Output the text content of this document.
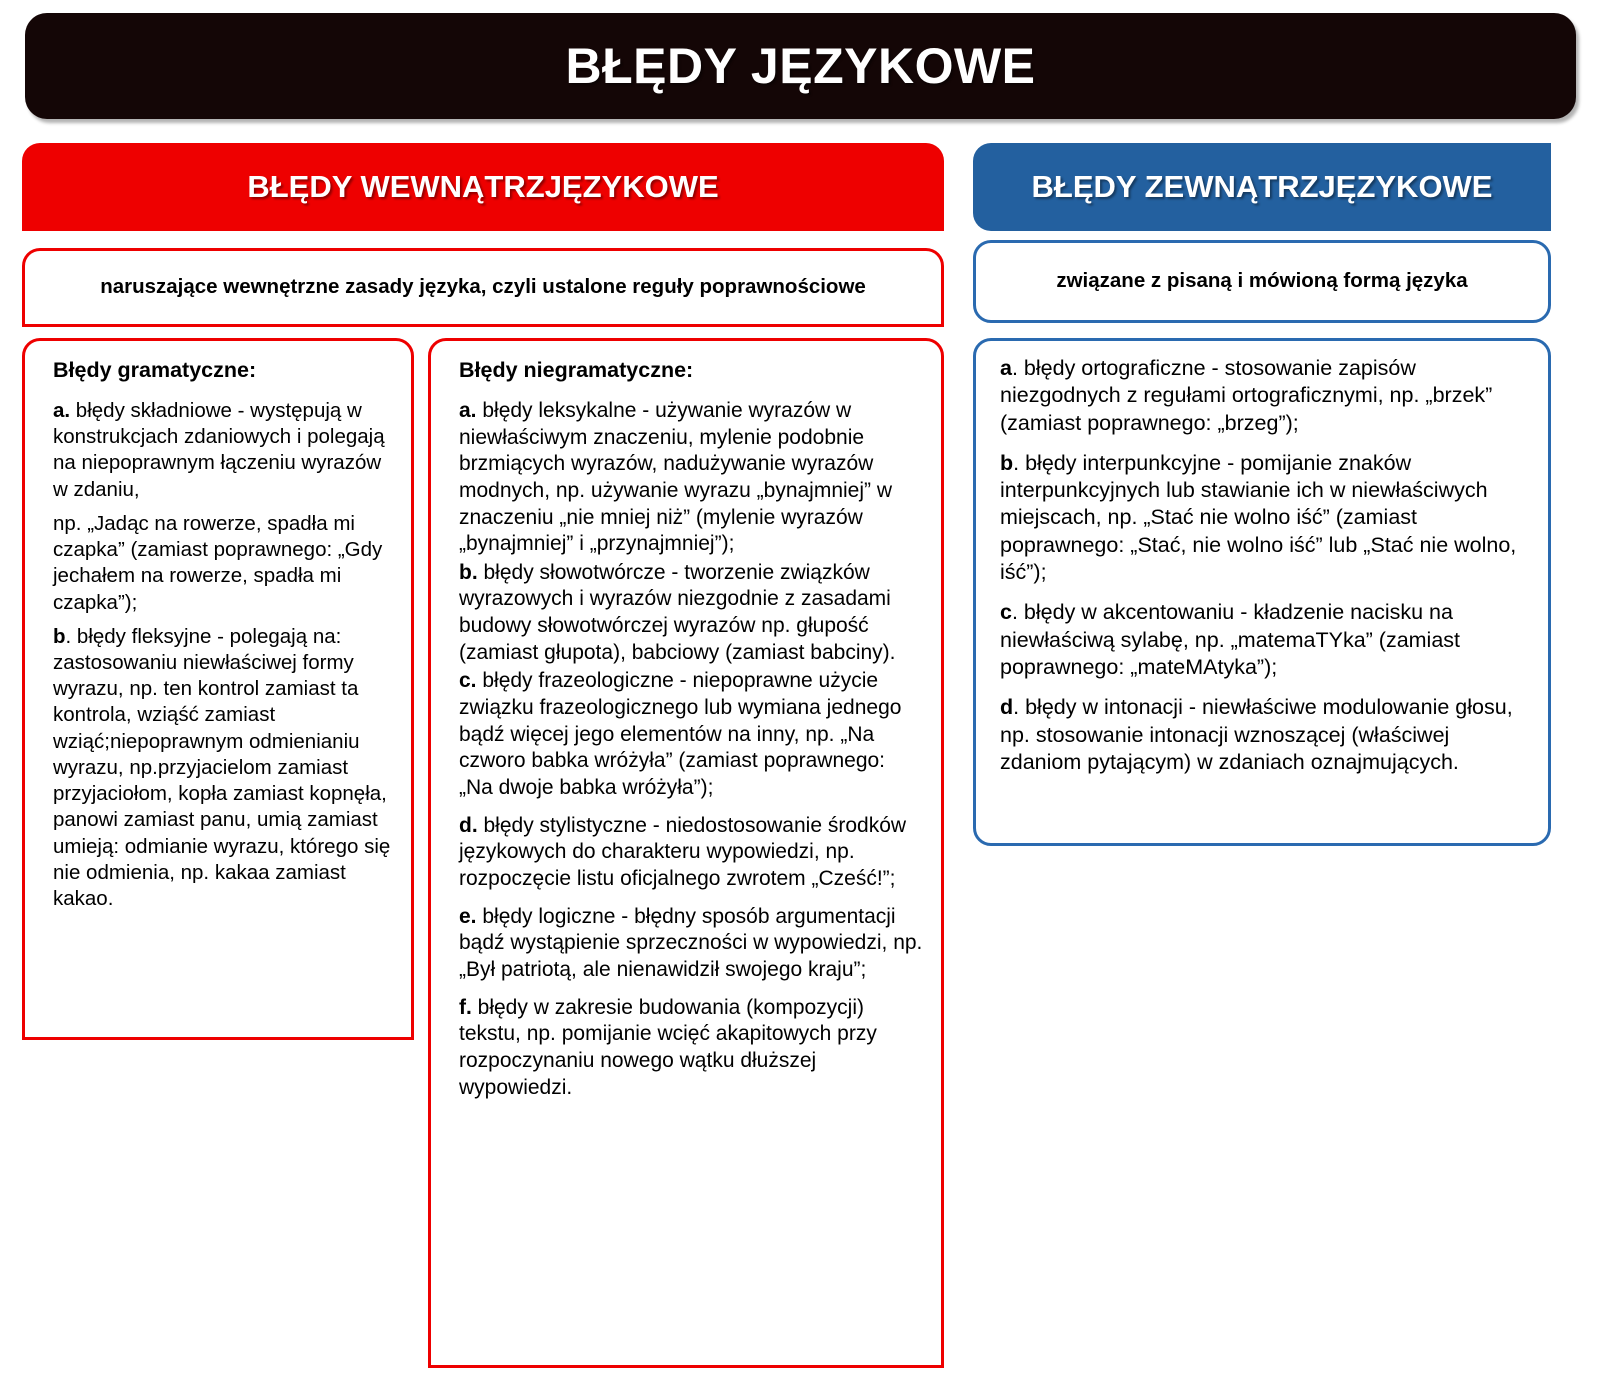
BŁĘDY JĘZYKOWE
BŁĘDY WEWNĄTRZJĘZYKOWE
naruszające wewnętrzne zasady języka, czyli ustalone reguły poprawnościowe
Błędy gramatyczne:

a. błędy składniowe - występują w konstrukcjach zdaniowych i polegają na niepoprawnym łączeniu wyrazów w zdaniu,

np. „Jadąc na rowerze, spadła mi czapka” (zamiast poprawnego: „Gdy jechałem na rowerze, spadła mi czapka”);

b. błędy fleksyjne - polegają na: zastosowaniu niewłaściwej formy wyrazu, np. ten kontrol zamiast ta kontrola, wziąść zamiast wziąć;niepoprawnym odmienianiu wyrazu, np.przyjacielom zamiast przyjaciołom, kopła zamiast kopnęła, panowi zamiast panu, umią zamiast umieją: odmianie wyrazu, którego się nie odmienia, np. kakaa zamiast kakao.

Błędy niegramatyczne:

a. błędy leksykalne - używanie wyrazów w niewłaściwym znaczeniu, mylenie podobnie brzmiących wyrazów, nadużywanie wyrazów modnych, np. używanie wyrazu „bynajmniej” w znaczeniu „nie mniej niż” (mylenie wyrazów „bynajmniej” i „przynajmniej”);

b. błędy słowotwórcze - tworzenie związków wyrazowych i wyrazów niezgodnie z zasadami budowy słowotwórczej wyrazów np. głupość (zamiast głupota), babciowy (zamiast babciny).

c. błędy frazeologiczne - niepoprawne użycie związku frazeologicznego lub wymiana jednego bądź więcej jego elementów na inny, np. „Na czworo babka wróżyła” (zamiast poprawnego: „Na dwoje babka wróżyła”);

d. błędy stylistyczne - niedostosowanie środków językowych do charakteru wypowiedzi, np. rozpoczęcie listu oficjalnego zwrotem „Cześć!”;

e. błędy logiczne - błędny sposób argumentacji bądź wystąpienie sprzeczności w wypowiedzi, np. „Był patriotą, ale nienawidził swojego kraju”;

f. błędy w zakresie budowania (kompozycji) tekstu, np. pomijanie wcięć akapitowych przy rozpoczynaniu nowego wątku dłuższej wypowiedzi.

BŁĘDY ZEWNĄTRZJĘZYKOWE
związane z pisaną i mówioną formą języka

a. błędy ortograficzne - stosowanie zapisów niezgodnych z regułami ortograficznymi, np. „brzek” (zamiast poprawnego: „brzeg”);

b. błędy interpunkcyjne - pomijanie znaków interpunkcyjnych lub stawianie ich w niewłaściwych miejscach, np. „Stać nie wolno iść” (zamiast poprawnego: „Stać, nie wolno iść” lub „Stać nie wolno, iść”);

c. błędy w akcentowaniu - kładzenie nacisku na niewłaściwą sylabę, np. „matemaTYka” (zamiast poprawnego: „mateMAtyka”);

d. błędy w intonacji - niewłaściwe modulowanie głosu, np. stosowanie intonacji wznoszącej (właściwej zdaniom pytającym) w zdaniach oznajmujących.
